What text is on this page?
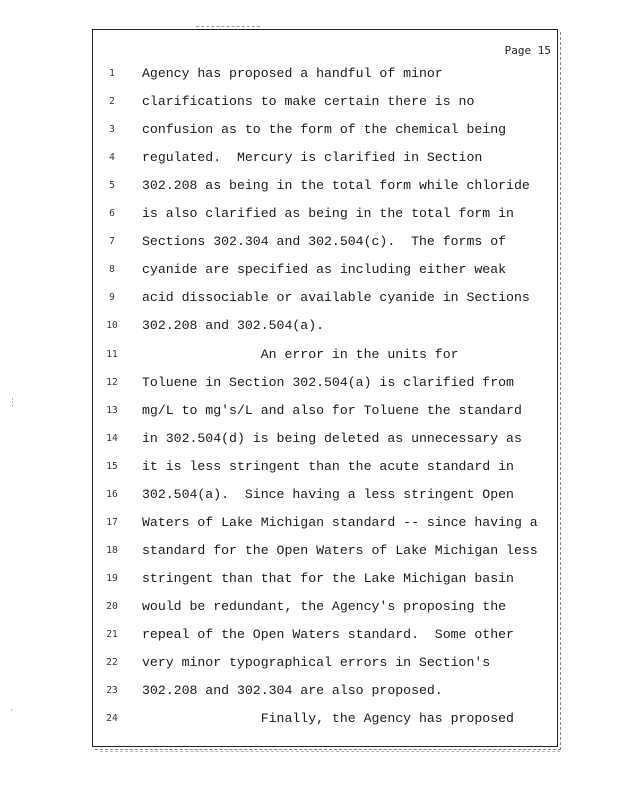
Page 15
1	Agency has proposed a handful of minor
2	clarifications to make certain there is no
3	confusion as to the form of the chemical being
4	regulated.  Mercury is clarified in Section
5	302.208 as being in the total form while chloride
6	is also clarified as being in the total form in
7	Sections 302.304 and 302.504(c).  The forms of
8	cyanide are specified as including either weak
9	acid dissociable or available cyanide in Sections
10 302.208 and 302.504(a).
11 An error in the units for
12 Toluene in Section 302.504(a) is clarified from
13 mg/L to mg's/L and also for Toluene the standard
14 in 302.504(d) is being deleted as unnecessary as
15 it is less stringent than the acute standard in
16 302.504(a).  Since having a less stringent Open
17 Waters of Lake Michigan standard -- since having a
18 standard for the Open Waters of Lake Michigan less
19 stringent than that for the Lake Michigan basin
20 would be redundant, the Agency's proposing the
21 repeal of the Open Waters standard.  Some other
22 very minor typographical errors in Section's
23 302.208 and 302.304 are also proposed.
24 Finally, the Agency has proposed
⋮
·
